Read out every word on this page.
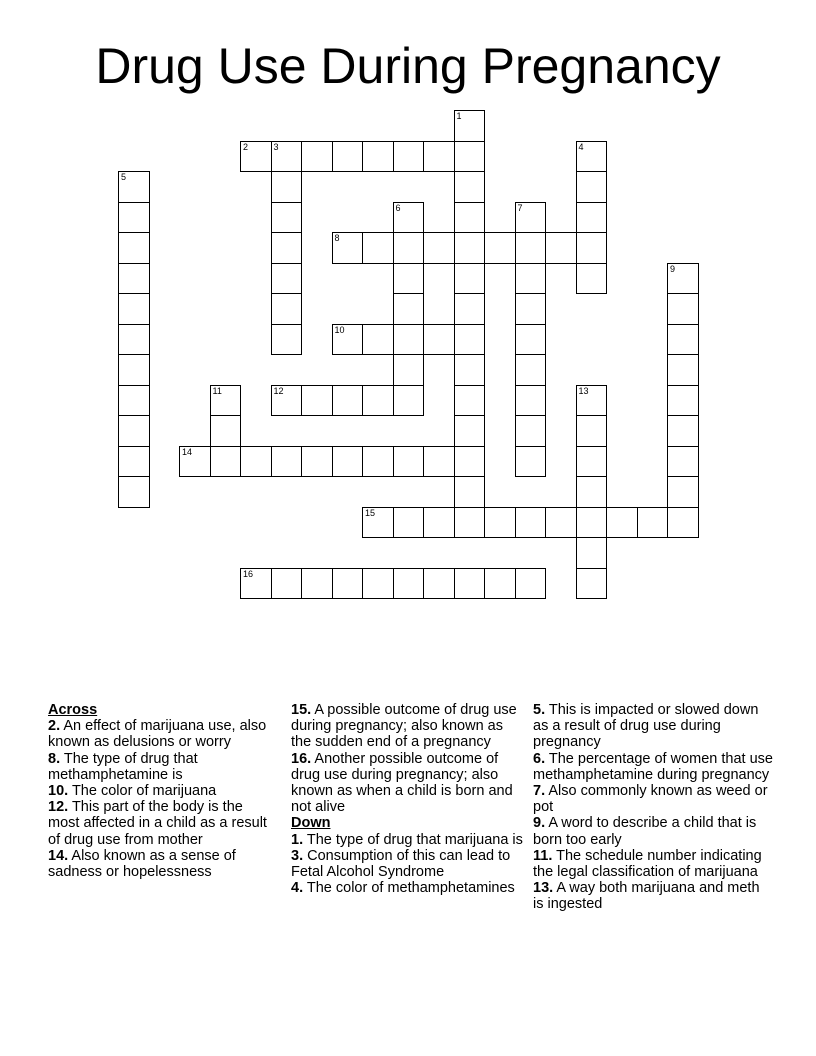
Drug Use During Pregnancy
1
2	3	4
5
6	7
8
9
10
11	12	13
14
15
16
Across
2. An effect of marijuana use, also known as delusions or worry
8. The type of drug that methamphetamine is
10. The color of marijuana
12. This part of the body is the most affected in a child as a result of drug use from mother
14. Also known as a sense of sadness or hopelessness
15. A possible outcome of drug use during pregnancy; also known as the sudden end of a pregnancy
16. Another possible outcome of drug use during pregnancy; also known as when a child is born and not alive
Down
1. The type of drug that marijuana is
3. Consumption of this can lead to Fetal Alcohol Syndrome
4. The color of methamphetamines
5. This is impacted or slowed down as a result of drug use during pregnancy
6. The percentage of women that use methamphetamine during pregnancy
7. Also commonly known as weed or pot
9. A word to describe a child that is born too early
11. The schedule number indicating the legal classification of marijuana
13. A way both marijuana and meth is ingested
